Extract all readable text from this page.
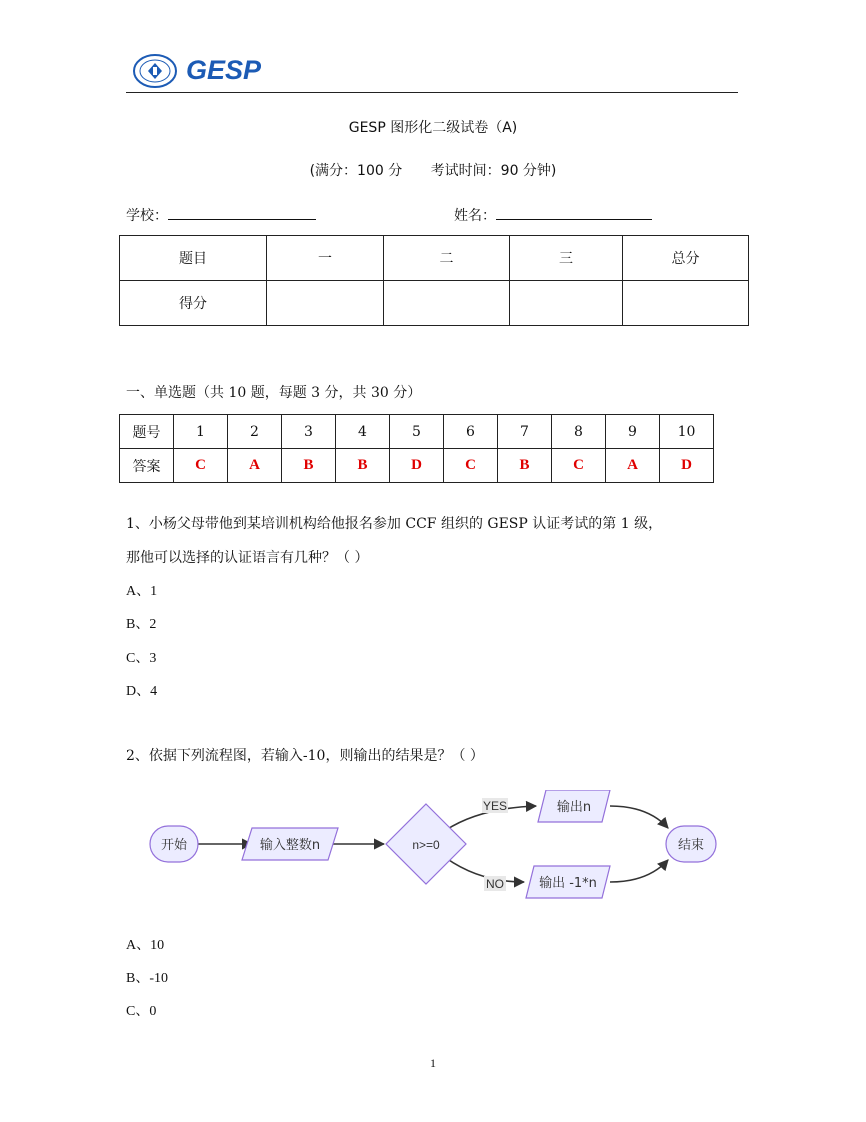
GESP
GESP 图形化二级试卷（A)
(满分：100 分 考试时间：90 分钟)
学校：	姓名：
题目	一	二	三	总分
得分				
一、单选题（共 10 题，每题 3 分，共 30 分）
题号	1	2	3	4	5	6	7	8	9	10
答案	C	A	B	B	D	C	B	C	A	D
1、小杨父母带他到某培训机构给他报名参加 CCF 组织的 GESP 认证考试的第 1 级，
那他可以选择的认证语言有几种？（ ）
A、1
B、2
C、3
D、4
2、依据下列流程图，若输入-10，则输出的结果是？（ ）
YES
NO
开始	输入整数n	n>=0
输出n
输出 -1*n
结束
A、10
B、-10
C、0
1
